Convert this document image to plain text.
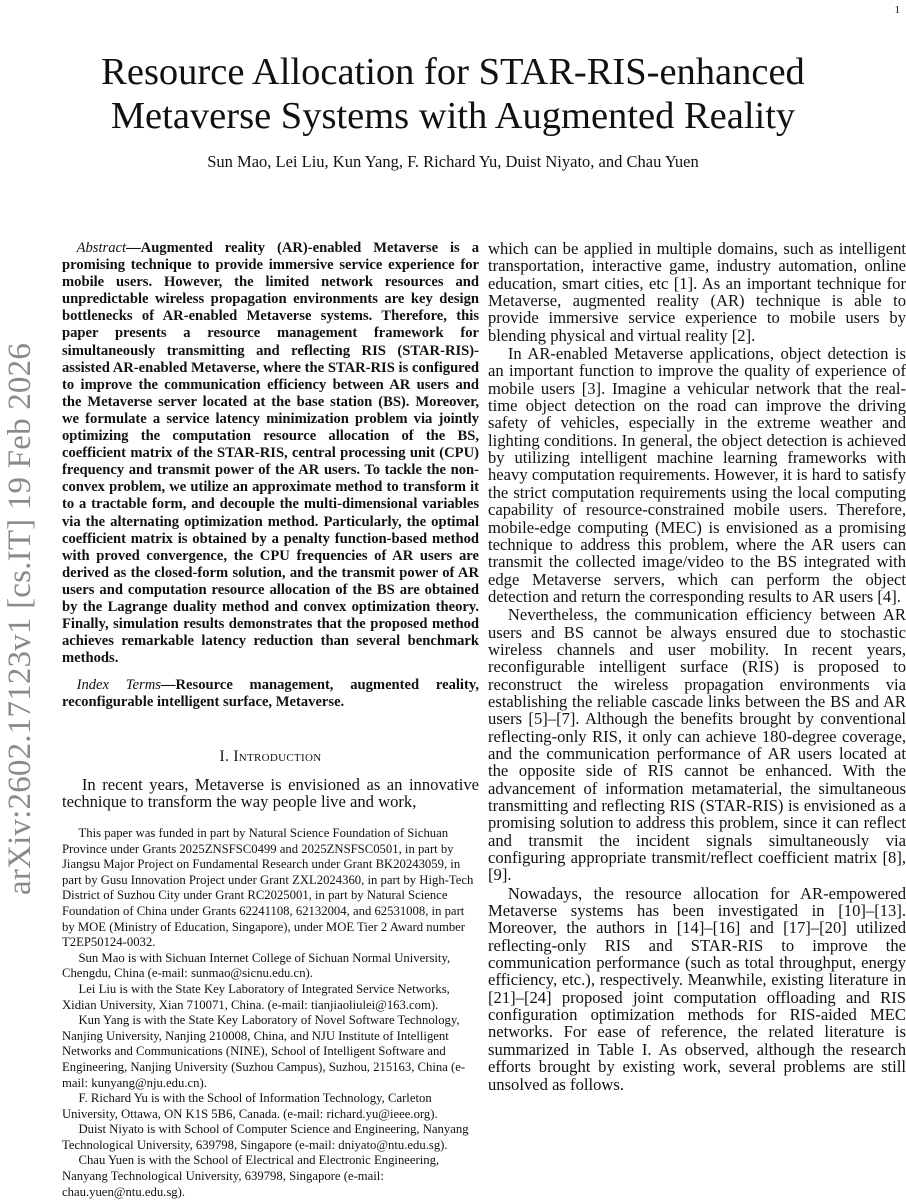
1
Resource Allocation for STAR-RIS-enhanced
Metaverse Systems with Augmented Reality
Sun Mao, Lei Liu, Kun Yang, F. Richard Yu, Duist Niyato, and Chau Yuen
arXiv:2602.17123v1 [cs.IT] 19 Feb 2026

Abstract—Augmented reality (AR)-enabled Metaverse is a promising technique to provide immersive service experience for mobile users. However, the limited network resources and unpredictable wireless propagation environments are key design bottlenecks of AR-enabled Metaverse systems. Therefore, this paper presents a resource management framework for simultaneously transmitting and reflecting RIS (STAR-RIS)-assisted AR-enabled Metaverse, where the STAR-RIS is configured to improve the communication efficiency between AR users and the Metaverse server located at the base station (BS). Moreover, we formulate a service latency minimization problem via jointly optimizing the computation resource allocation of the BS, coefficient matrix of the STAR-RIS, central processing unit (CPU) frequency and transmit power of the AR users. To tackle the non-convex problem, we utilize an approximate method to transform it to a tractable form, and decouple the multi-dimensional variables via the alternating optimization method. Particularly, the optimal coefficient matrix is obtained by a penalty function-based method with proved convergence, the CPU frequencies of AR users are derived as the closed-form solution, and the transmit power of AR users and computation resource allocation of the BS are obtained by the Lagrange duality method and convex optimization theory. Finally, simulation results demonstrates that the proposed method achieves remarkable latency reduction than several benchmark methods.

Index Terms—Resource management, augmented reality, reconfigurable intelligent surface, Metaverse.

I. Introduction

In recent years, Metaverse is envisioned as an innovative technique to transform the way people live and work,

This paper was funded in part by Natural Science Foundation of Sichuan Province under Grants 2025ZNSFSC0499 and 2025ZNSFSC0501, in part by Jiangsu Major Project on Fundamental Research under Grant BK20243059, in part by Gusu Innovation Project under Grant ZXL2024360, in part by High-Tech District of Suzhou City under Grant RC2025001, in part by Natural Science Foundation of China under Grants 62241108, 62132004, and 62531008, in part by MOE (Ministry of Education, Singapore), under MOE Tier 2 Award number T2EP50124-0032.

Sun Mao is with Sichuan Internet College of Sichuan Normal University, Chengdu, China (e-mail: sunmao@sicnu.edu.cn).

Lei Liu is with the State Key Laboratory of Integrated Service Networks, Xidian University, Xian 710071, China. (e-mail: tianjiaoliulei@163.com).

Kun Yang is with the State Key Laboratory of Novel Software Technology, Nanjing University, Nanjing 210008, China, and NJU Institute of Intelligent Networks and Communications (NINE), School of Intelligent Software and Engineering, Nanjing University (Suzhou Campus), Suzhou, 215163, China (e-mail: kunyang@nju.edu.cn).

F. Richard Yu is with the School of Information Technology, Carleton University, Ottawa, ON K1S 5B6, Canada. (e-mail: richard.yu@ieee.org).

Duist Niyato is with School of Computer Science and Engineering, Nanyang Technological University, 639798, Singapore (e-mail: dniyato@ntu.edu.sg).

Chau Yuen is with the School of Electrical and Electronic Engineering, Nanyang Technological University, 639798, Singapore (e-mail: chau.yuen@ntu.edu.sg).

which can be applied in multiple domains, such as intelligent transportation, interactive game, industry automation, online education, smart cities, etc [1]. As an important technique for Metaverse, augmented reality (AR) technique is able to provide immersive service experience to mobile users by blending physical and virtual reality [2].

In AR-enabled Metaverse applications, object detection is an important function to improve the quality of experience of mobile users [3]. Imagine a vehicular network that the real-time object detection on the road can improve the driving safety of vehicles, especially in the extreme weather and lighting conditions. In general, the object detection is achieved by utilizing intelligent machine learning frameworks with heavy computation requirements. However, it is hard to satisfy the strict computation requirements using the local computing capability of resource-constrained mobile users. Therefore, mobile-edge computing (MEC) is envisioned as a promising technique to address this problem, where the AR users can transmit the collected image/video to the BS integrated with edge Metaverse servers, which can perform the object detection and return the corresponding results to AR users [4].

Nevertheless, the communication efficiency between AR users and BS cannot be always ensured due to stochastic wireless channels and user mobility. In recent years, reconfigurable intelligent surface (RIS) is proposed to reconstruct the wireless propagation environments via establishing the reliable cascade links between the BS and AR users [5]–[7]. Although the benefits brought by conventional reflecting-only RIS, it only can achieve 180-degree coverage, and the communication performance of AR users located at the opposite side of RIS cannot be enhanced. With the advancement of information metamaterial, the simultaneous transmitting and reflecting RIS (STAR-RIS) is envisioned as a promising solution to address this problem, since it can reflect and transmit the incident signals simultaneously via configuring appropriate transmit/reflect coefficient matrix [8], [9].

Nowadays, the resource allocation for AR-empowered Metaverse systems has been investigated in [10]–[13]. Moreover, the authors in [14]–[16] and [17]–[20] utilized reflecting-only RIS and STAR-RIS to improve the communication performance (such as total throughput, energy efficiency, etc.), respectively. Meanwhile, existing literature in [21]–[24] proposed joint computation offloading and RIS configuration optimization methods for RIS-aided MEC networks. For ease of reference, the related literature is summarized in Table I. As observed, although the research efforts brought by existing work, several problems are still unsolved as follows.
